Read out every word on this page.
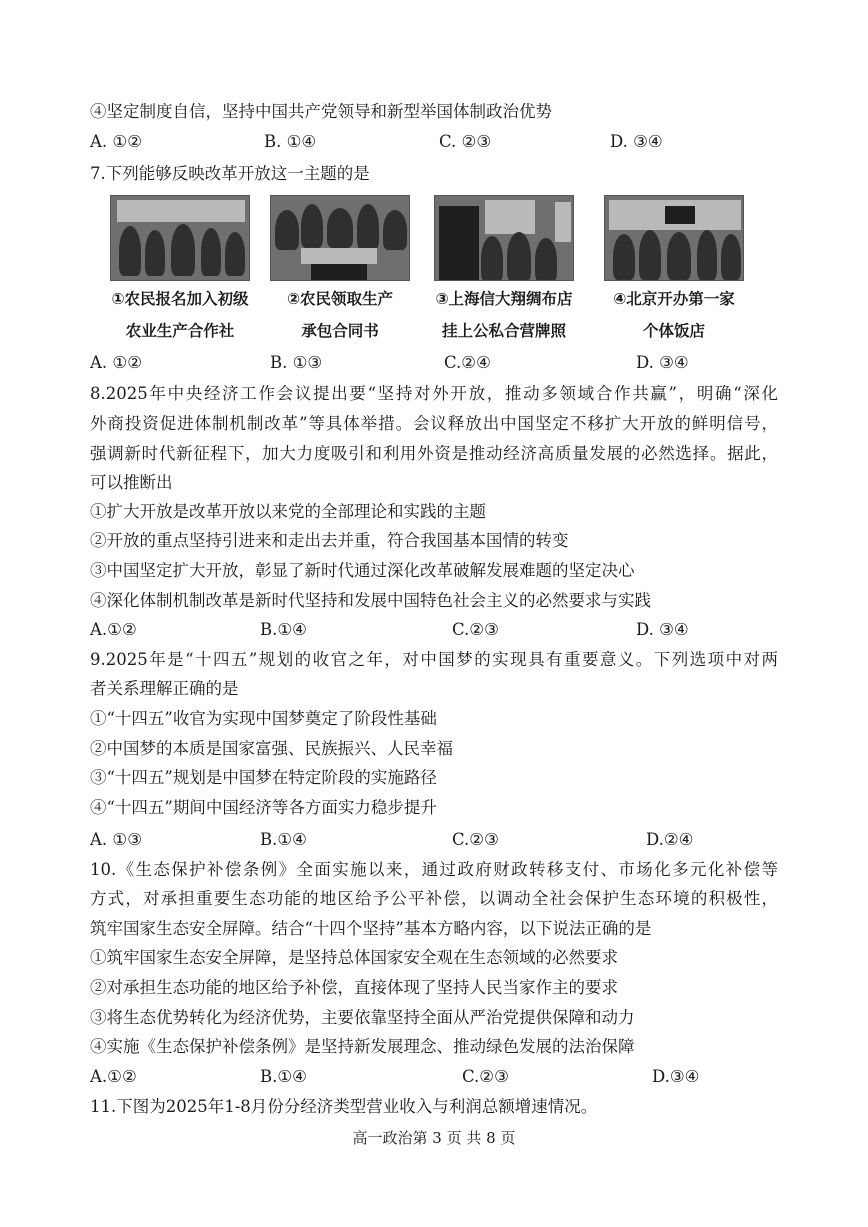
④坚定制度自信，坚持中国共产党领导和新型举国体制政治优势
A. ①②	B. ①④	C. ②③	D. ③④
7.下列能够反映改革开放这一主题的是
①农民报名加入初级
农业生产合作社
②农民领取生产
承包合同书
③上海信大翔绸布店
挂上公私合营牌照
④北京开办第一家
个体饭店
A. ①②	B. ①③	C.②④	D. ③④
8.2025年中央经济工作会议提出要“坚持对外开放，推动多领域合作共赢”，明确“深化
外商投资促进体制机制改革”等具体举措。会议释放出中国坚定不移扩大开放的鲜明信号，
强调新时代新征程下，加大力度吸引和利用外资是推动经济高质量发展的必然选择。据此，
可以推断出
①扩大开放是改革开放以来党的全部理论和实践的主题
②开放的重点坚持引进来和走出去并重，符合我国基本国情的转变
③中国坚定扩大开放，彰显了新时代通过深化改革破解发展难题的坚定决心
④深化体制机制改革是新时代坚持和发展中国特色社会主义的必然要求与实践
A.①②	B.①④	C.②③	D. ③④
9.2025年是“十四五”规划的收官之年，对中国梦的实现具有重要意义。下列选项中对两
者关系理解正确的是
①“十四五”收官为实现中国梦奠定了阶段性基础
②中国梦的本质是国家富强、民族振兴、人民幸福
③“十四五”规划是中国梦在特定阶段的实施路径
④“十四五”期间中国经济等各方面实力稳步提升
A. ①③	B.①④	C.②③	D.②④
10.《生态保护补偿条例》全面实施以来，通过政府财政转移支付、市场化多元化补偿等
方式，对承担重要生态功能的地区给予公平补偿，以调动全社会保护生态环境的积极性，
筑牢国家生态安全屏障。结合“十四个坚持”基本方略内容，以下说法正确的是
①筑牢国家生态安全屏障，是坚持总体国家安全观在生态领域的必然要求
②对承担生态功能的地区给予补偿，直接体现了坚持人民当家作主的要求
③将生态优势转化为经济优势，主要依靠坚持全面从严治党提供保障和动力
④实施《生态保护补偿条例》是坚持新发展理念、推动绿色发展的法治保障
A.①②	B.①④	C.②③	D.③④
11.下图为2025年1-8月份分经济类型营业收入与利润总额增速情况。
高一政治第 3 页 共 8 页
